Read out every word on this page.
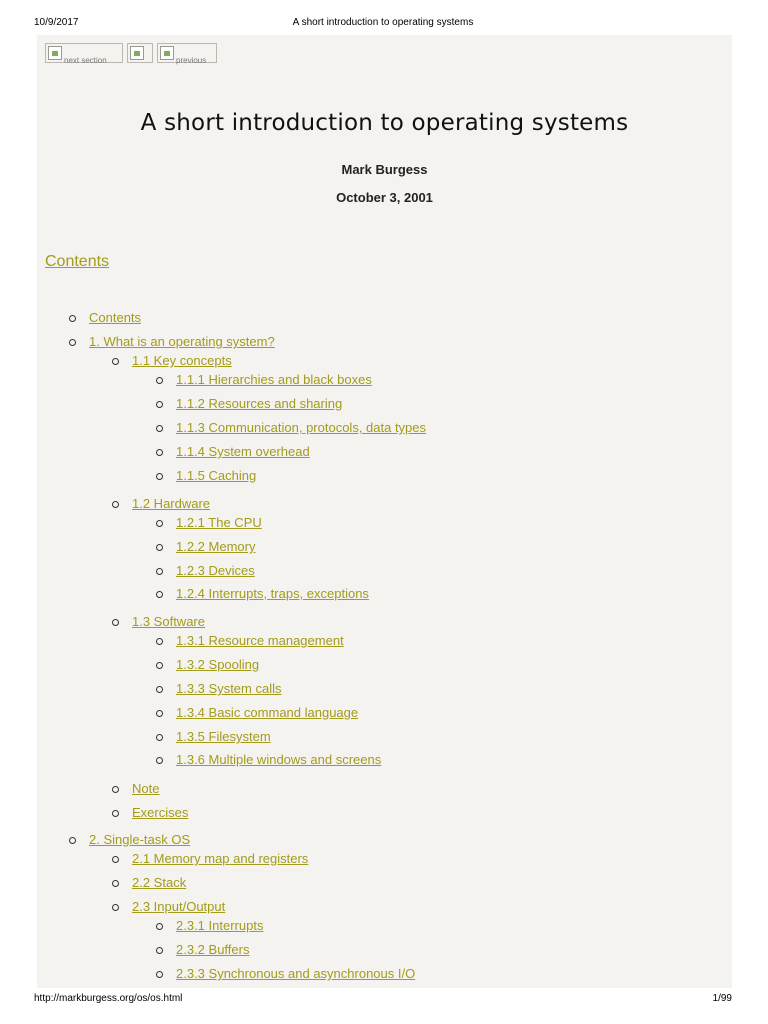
10/9/2017	A short introduction to operating systems
next section	previous
A short introduction to operating systems
Mark Burgess
October 3, 2001
Contents
Contents
1. What is an operating system?
1.1 Key concepts
1.1.1 Hierarchies and black boxes
1.1.2 Resources and sharing
1.1.3 Communication, protocols, data types
1.1.4 System overhead
1.1.5 Caching
1.2 Hardware
1.2.1 The CPU
1.2.2 Memory
1.2.3 Devices
1.2.4 Interrupts, traps, exceptions
1.3 Software
1.3.1 Resource management
1.3.2 Spooling
1.3.3 System calls
1.3.4 Basic command language
1.3.5 Filesystem
1.3.6 Multiple windows and screens
Note
Exercises
2. Single-task OS
2.1 Memory map and registers
2.2 Stack
2.3 Input/Output
2.3.1 Interrupts
2.3.2 Buffers
2.3.3 Synchronous and asynchronous I/O
http://markburgess.org/os/os.html	1/99
